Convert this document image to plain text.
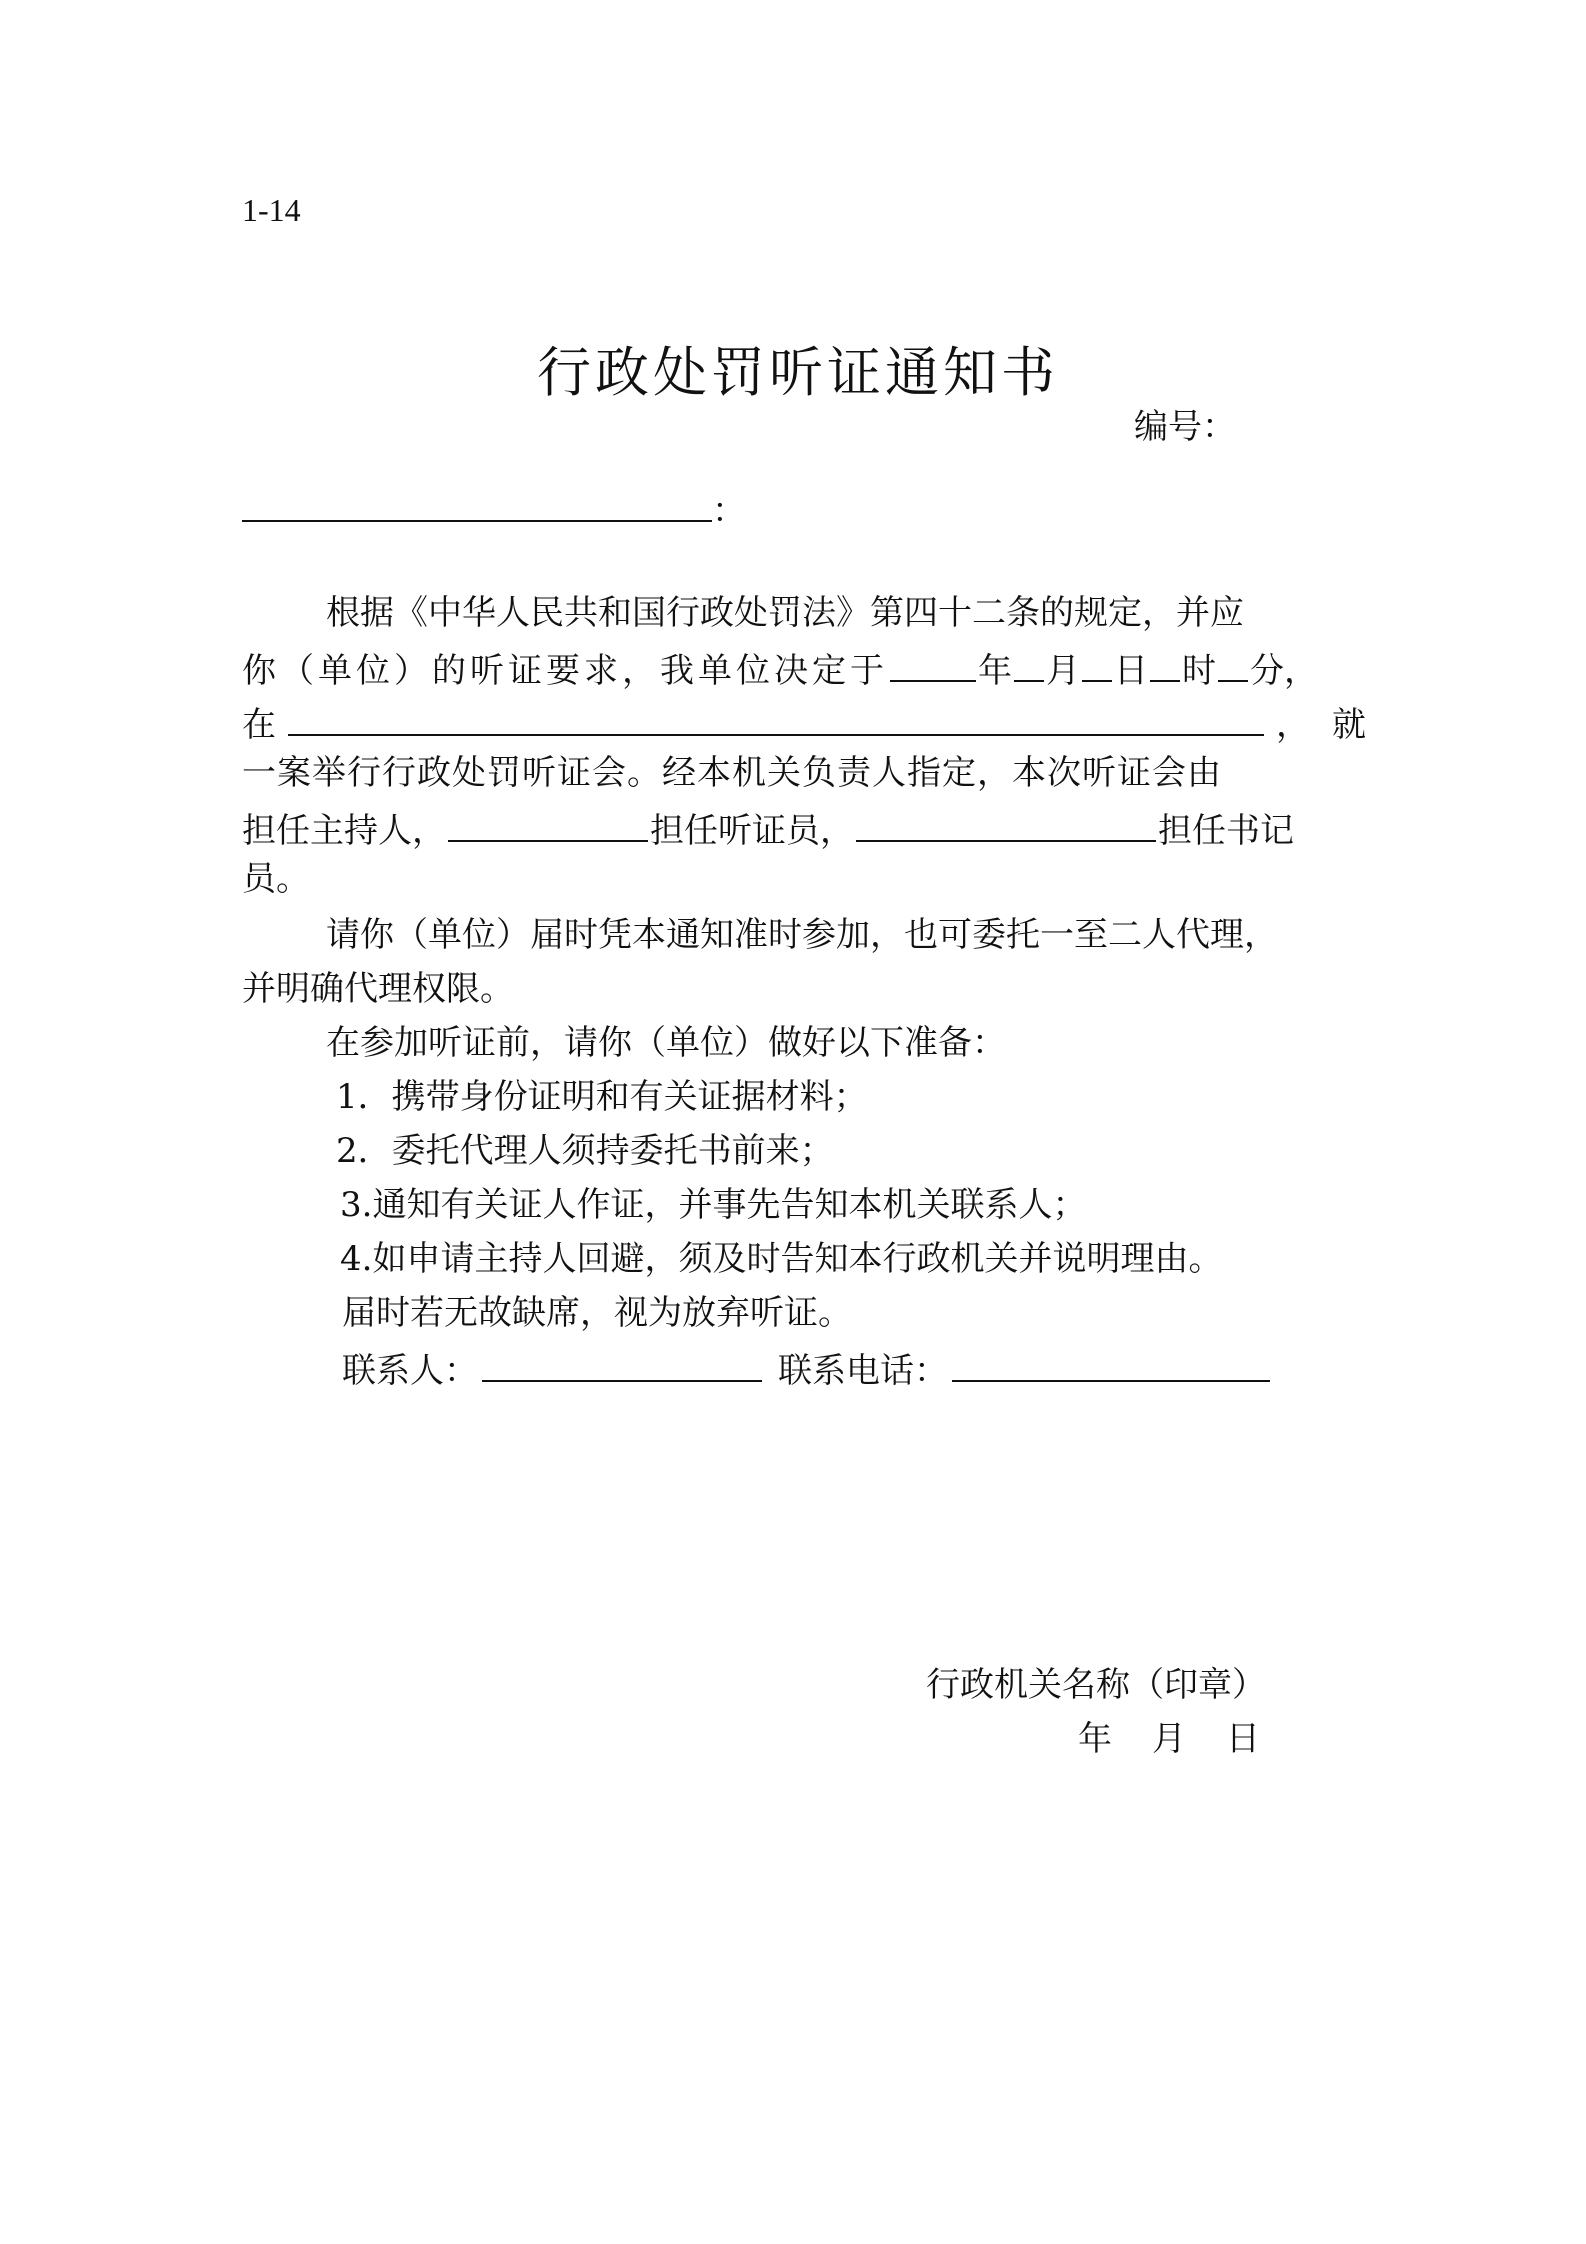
1-14
行政处罚听证通知书
编号：
：
根据《中华人民共和国行政处罚法》第四十二条的规定，并应
你（单位）的听证要求，我单位决定于	年 月 日 时 分，
在	，就
一案举行行政处罚听证会。经本机关负责人指定，本次听证会由
担任主持人，	担任听证员，	担任书记
员。
请你（单位）届时凭本通知准时参加，也可委托一至二人代理，
并明确代理权限。
在参加听证前，请你（单位）做好以下准备：
1．携带身份证明和有关证据材料；
2．委托代理人须持委托书前来；
3.通知有关证人作证，并事先告知本机关联系人；
4.如申请主持人回避，须及时告知本行政机关并说明理由。
届时若无故缺席，视为放弃听证。
联系人：	联系电话：
行政机关名称（印章）
年 月 日
